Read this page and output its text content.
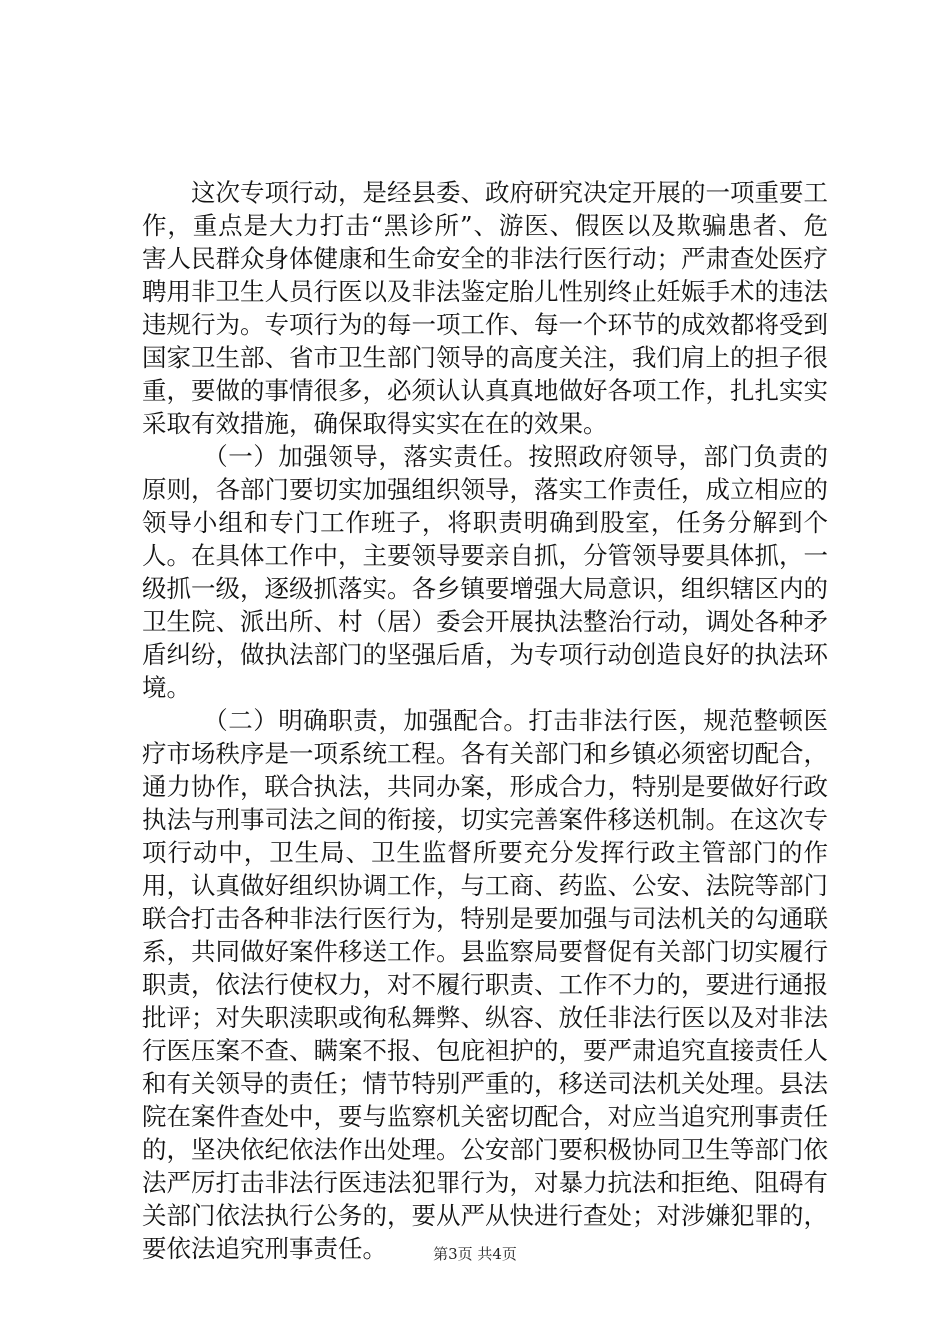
这次专项行动，是经县委、政府研究决定开展的一项重要工作，重点是大力打击“黑诊所”、游医、假医以及欺骗患者、危害人民群众身体健康和生命安全的非法行医行动；严肃查处医疗聘用非卫生人员行医以及非法鉴定胎儿性别终止妊娠手术的违法违规行为。专项行为的每一项工作、每一个环节的成效都将受到国家卫生部、省市卫生部门领导的高度关注，我们肩上的担子很重，要做的事情很多，必须认认真真地做好各项工作，扎扎实实采取有效措施，确保取得实实在在的效果。

（一）加强领导，落实责任。按照政府领导，部门负责的原则，各部门要切实加强组织领导，落实工作责任，成立相应的领导小组和专门工作班子，将职责明确到股室，任务分解到个人。在具体工作中，主要领导要亲自抓，分管领导要具体抓，一级抓一级，逐级抓落实。各乡镇要增强大局意识，组织辖区内的卫生院、派出所、村（居）委会开展执法整治行动，调处各种矛盾纠纷，做执法部门的坚强后盾，为专项行动创造良好的执法环境。

（二）明确职责，加强配合。打击非法行医，规范整顿医疗市场秩序是一项系统工程。各有关部门和乡镇必须密切配合，通力协作，联合执法，共同办案，形成合力，特别是要做好行政执法与刑事司法之间的衔接，切实完善案件移送机制。在这次专项行动中，卫生局、卫生监督所要充分发挥行政主管部门的作用，认真做好组织协调工作，与工商、药监、公安、法院等部门联合打击各种非法行医行为，特别是要加强与司法机关的勾通联系，共同做好案件移送工作。县监察局要督促有关部门切实履行职责，依法行使权力，对不履行职责、工作不力的，要进行通报批评；对失职渎职或徇私舞弊、纵容、放任非法行医以及对非法行医压案不查、瞒案不报、包庇袒护的，要严肃追究直接责任人和有关领导的责任；情节特别严重的，移送司法机关处理。县法院在案件查处中，要与监察机关密切配合，对应当追究刑事责任的，坚决依纪依法作出处理。公安部门要积极协同卫生等部门依法严厉打击非法行医违法犯罪行为，对暴力抗法和拒绝、阻碍有关部门依法执行公务的，要从严从快进行查处；对涉嫌犯罪的，要依法追究刑事责任。	第3页 共4页
